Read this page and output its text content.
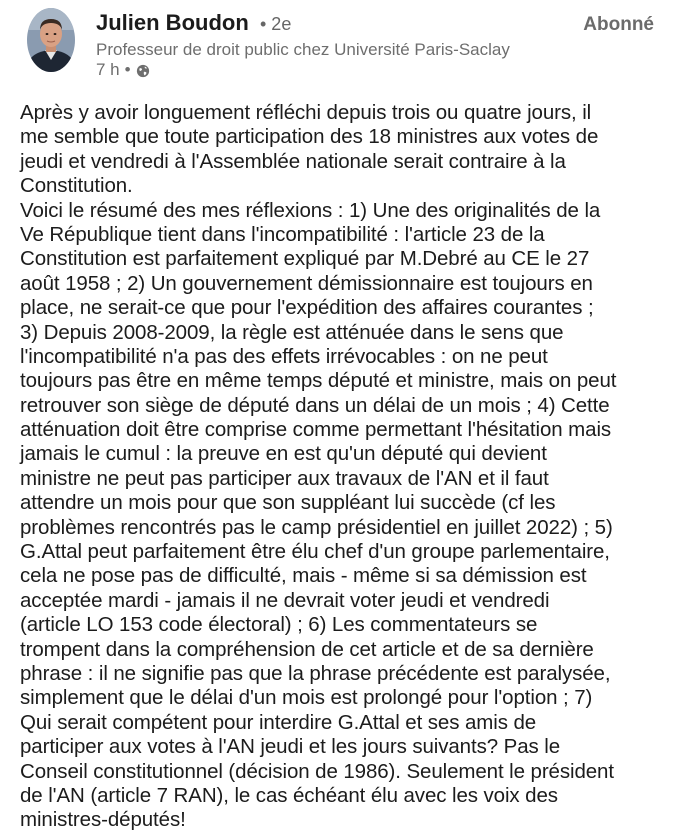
Julien Boudon • 2e	Abonné
Professeur de droit public chez Université Paris-Saclay
7 h •
Après y avoir longuement réfléchi depuis trois ou quatre jours, il
me semble que toute participation des 18 ministres aux votes de
jeudi et vendredi à l'Assemblée nationale serait contraire à la
Constitution.
Voici le résumé des mes réflexions : 1) Une des originalités de la
Ve République tient dans l'incompatibilité : l'article 23 de la
Constitution est parfaitement expliqué par M.Debré au CE le 27
août 1958 ; 2) Un gouvernement démissionnaire est toujours en
place, ne serait-ce que pour l'expédition des affaires courantes ;
3) Depuis 2008-2009, la règle est atténuée dans le sens que
l'incompatibilité n'a pas des effets irrévocables : on ne peut
toujours pas être en même temps député et ministre, mais on peut
retrouver son siège de député dans un délai de un mois ; 4) Cette
atténuation doit être comprise comme permettant l'hésitation mais
jamais le cumul : la preuve en est qu'un député qui devient
ministre ne peut pas participer aux travaux de l'AN et il faut
attendre un mois pour que son suppléant lui succède (cf les
problèmes rencontrés pas le camp présidentiel en juillet 2022) ; 5)
G.Attal peut parfaitement être élu chef d'un groupe parlementaire,
cela ne pose pas de difficulté, mais - même si sa démission est
acceptée mardi - jamais il ne devrait voter jeudi et vendredi
(article LO 153 code électoral) ; 6) Les commentateurs se
trompent dans la compréhension de cet article et de sa dernière
phrase : il ne signifie pas que la phrase précédente est paralysée,
simplement que le délai d'un mois est prolongé pour l'option ; 7)
Qui serait compétent pour interdire G.Attal et ses amis de
participer aux votes à l'AN jeudi et les jours suivants? Pas le
Conseil constitutionnel (décision de 1986). Seulement le président
de l'AN (article 7 RAN), le cas échéant élu avec les voix des
ministres-députés!
